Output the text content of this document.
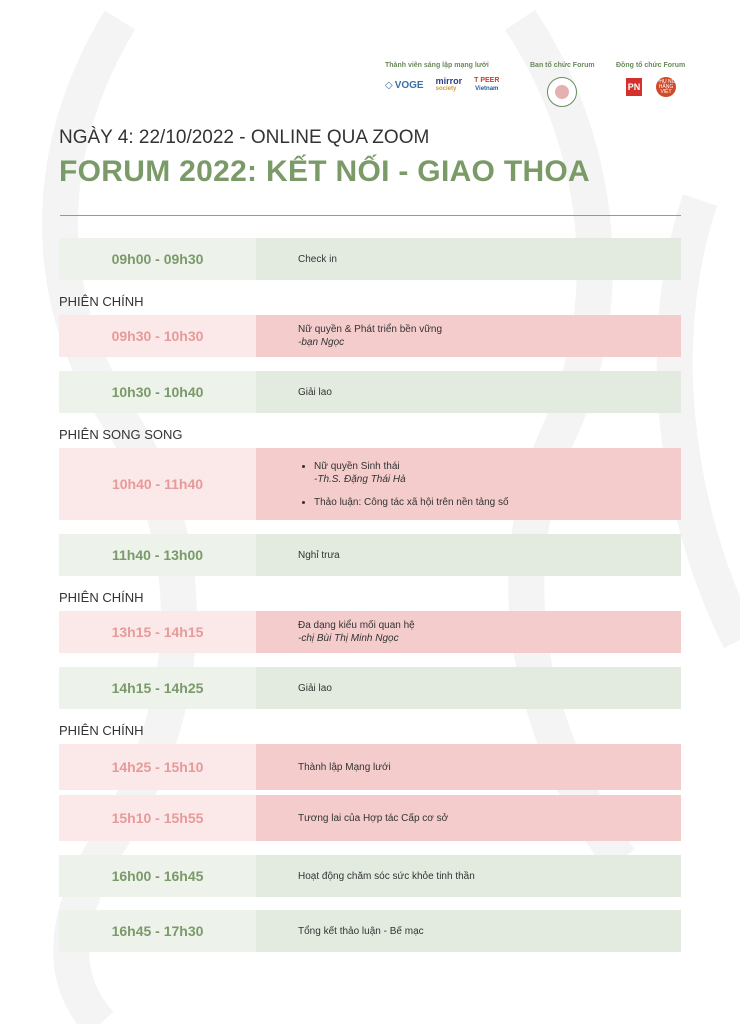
Thành viên sáng lập mạng lưới
◇ VOGE mirror
society
T PEER
Vietnam
Ban tổ chức Forum	Đồng tổ chức Forum
PN
PHỤ NỮ HÀNG VIỆT
NGÀY 4: 22/10/2022 - ONLINE QUA ZOOM
FORUM 2022: KẾT NỐI - GIAO THOA
09h00 - 09h30	Check in
PHIÊN CHÍNH
09h30 - 10h30	Nữ quyền & Phát triển bền vững
-bạn Ngọc
10h30 - 10h40	Giải lao
PHIÊN SONG SONG
10h40 - 11h40
• Nữ quyền Sinh thái
-Th.S. Đặng Thái Hà
• Thảo luận: Công tác xã hội trên nền tảng số
11h40 - 13h00	Nghỉ trưa
PHIÊN CHÍNH
13h15 - 14h15	Đa dạng kiểu mối quan hệ
-chị Bùi Thị Minh Ngọc
14h15 - 14h25	Giải lao
PHIÊN CHÍNH
14h25 - 15h10	Thành lập Mạng lưới
15h10 - 15h55	Tương lai của Hợp tác Cấp cơ sở
16h00 - 16h45	Hoạt động chăm sóc sức khỏe tinh thần
16h45 - 17h30	Tổng kết thảo luận - Bế mạc
